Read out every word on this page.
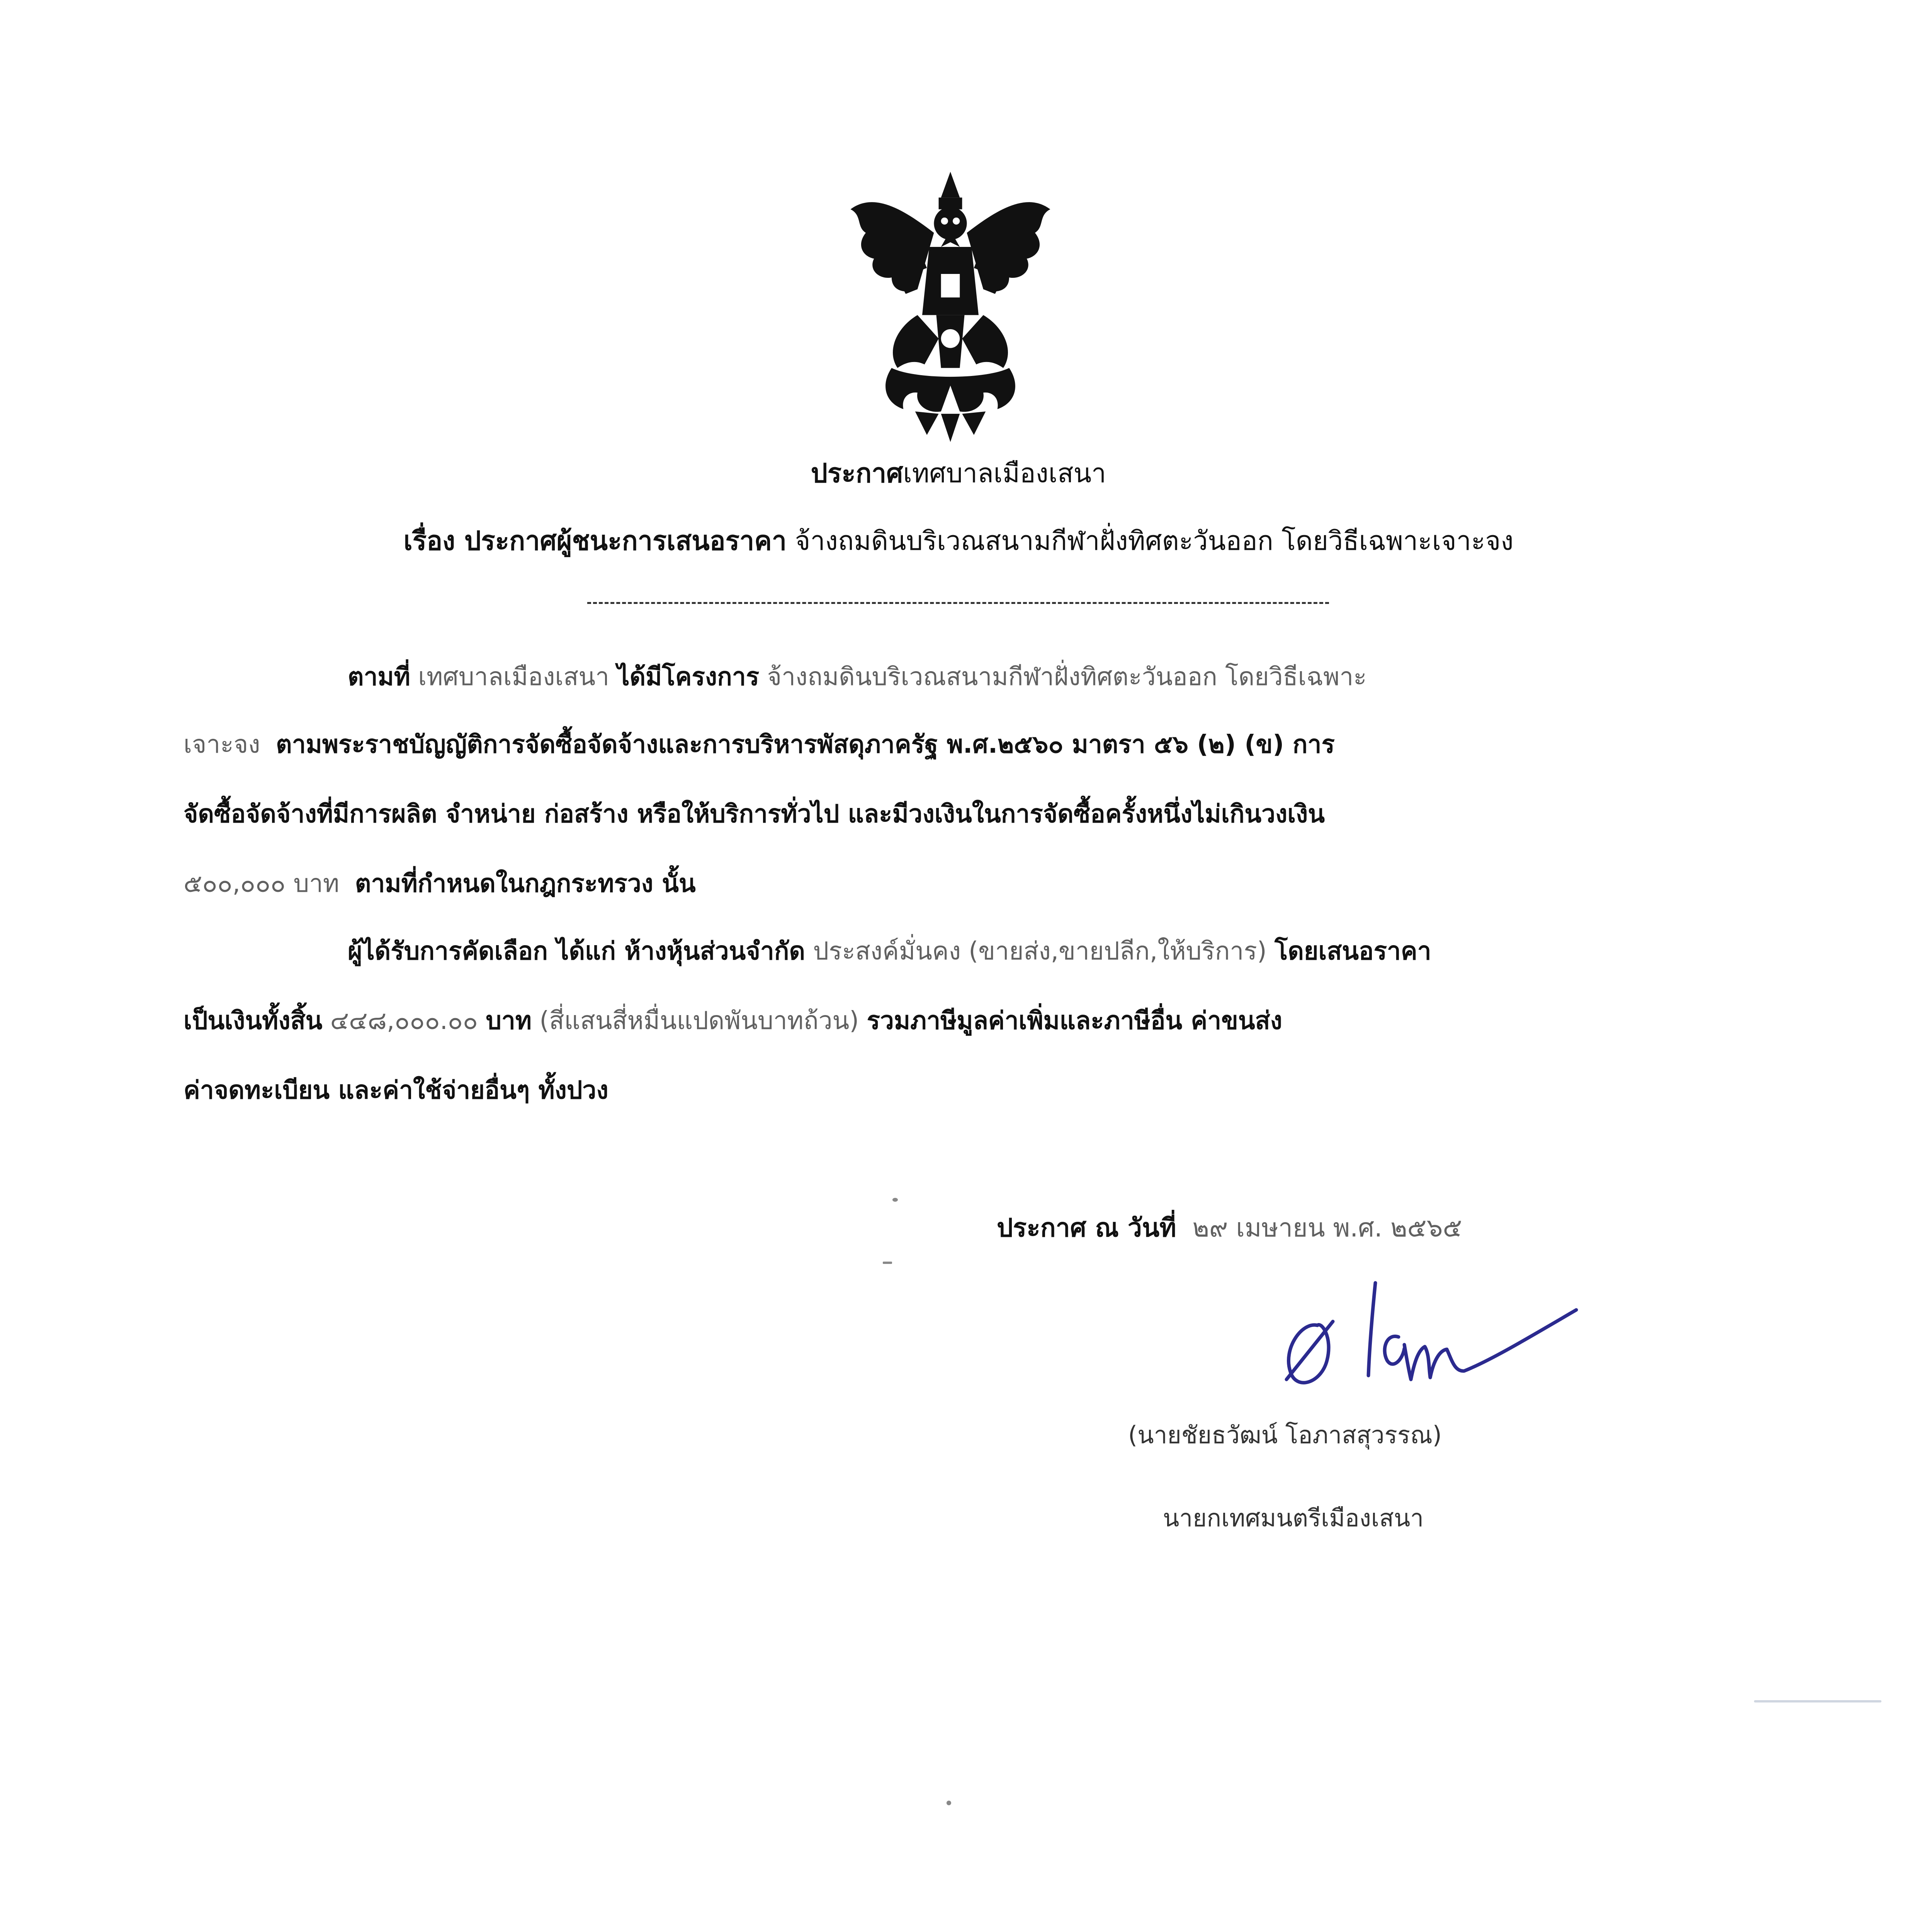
ประกาศเทศบาลเมืองเสนา
เรื่อง ประกาศผู้ชนะการเสนอราคา จ้างถมดินบริเวณสนามกีฬาฝั่งทิศตะวันออก โดยวิธีเฉพาะเจาะจง
ตามที่ เทศบาลเมืองเสนา ได้มีโครงการ จ้างถมดินบริเวณสนามกีฬาฝั่งทิศตะวันออก โดยวิธีเฉพาะ
เจาะจง ตามพระราชบัญญัติการจัดซื้อจัดจ้างและการบริหารพัสดุภาครัฐ พ.ศ.๒๕๖๐ มาตรา ๕๖ (๒) (ข) การ
จัดซื้อจัดจ้างที่มีการผลิต จำหน่าย ก่อสร้าง หรือให้บริการทั่วไป และมีวงเงินในการจัดซื้อครั้งหนึ่งไม่เกินวงเงิน
๕๐๐,๐๐๐ บาท ตามที่กำหนดในกฎกระทรวง นั้น
ผู้ได้รับการคัดเลือก ได้แก่ ห้างหุ้นส่วนจำกัด ประสงค์มั่นคง (ขายส่ง,ขายปลีก,ให้บริการ) โดยเสนอราคา
เป็นเงินทั้งสิ้น ๔๔๘,๐๐๐.๐๐ บาท (สี่แสนสี่หมื่นแปดพันบาทถ้วน) รวมภาษีมูลค่าเพิ่มและภาษีอื่น ค่าขนส่ง
ค่าจดทะเบียน และค่าใช้จ่ายอื่นๆ ทั้งปวง
ประกาศ ณ วันที่ ๒๙ เมษายน พ.ศ. ๒๕๖๕
(นายชัยธวัฒน์ โอภาสสุวรรณ)
นายกเทศมนตรีเมืองเสนา
